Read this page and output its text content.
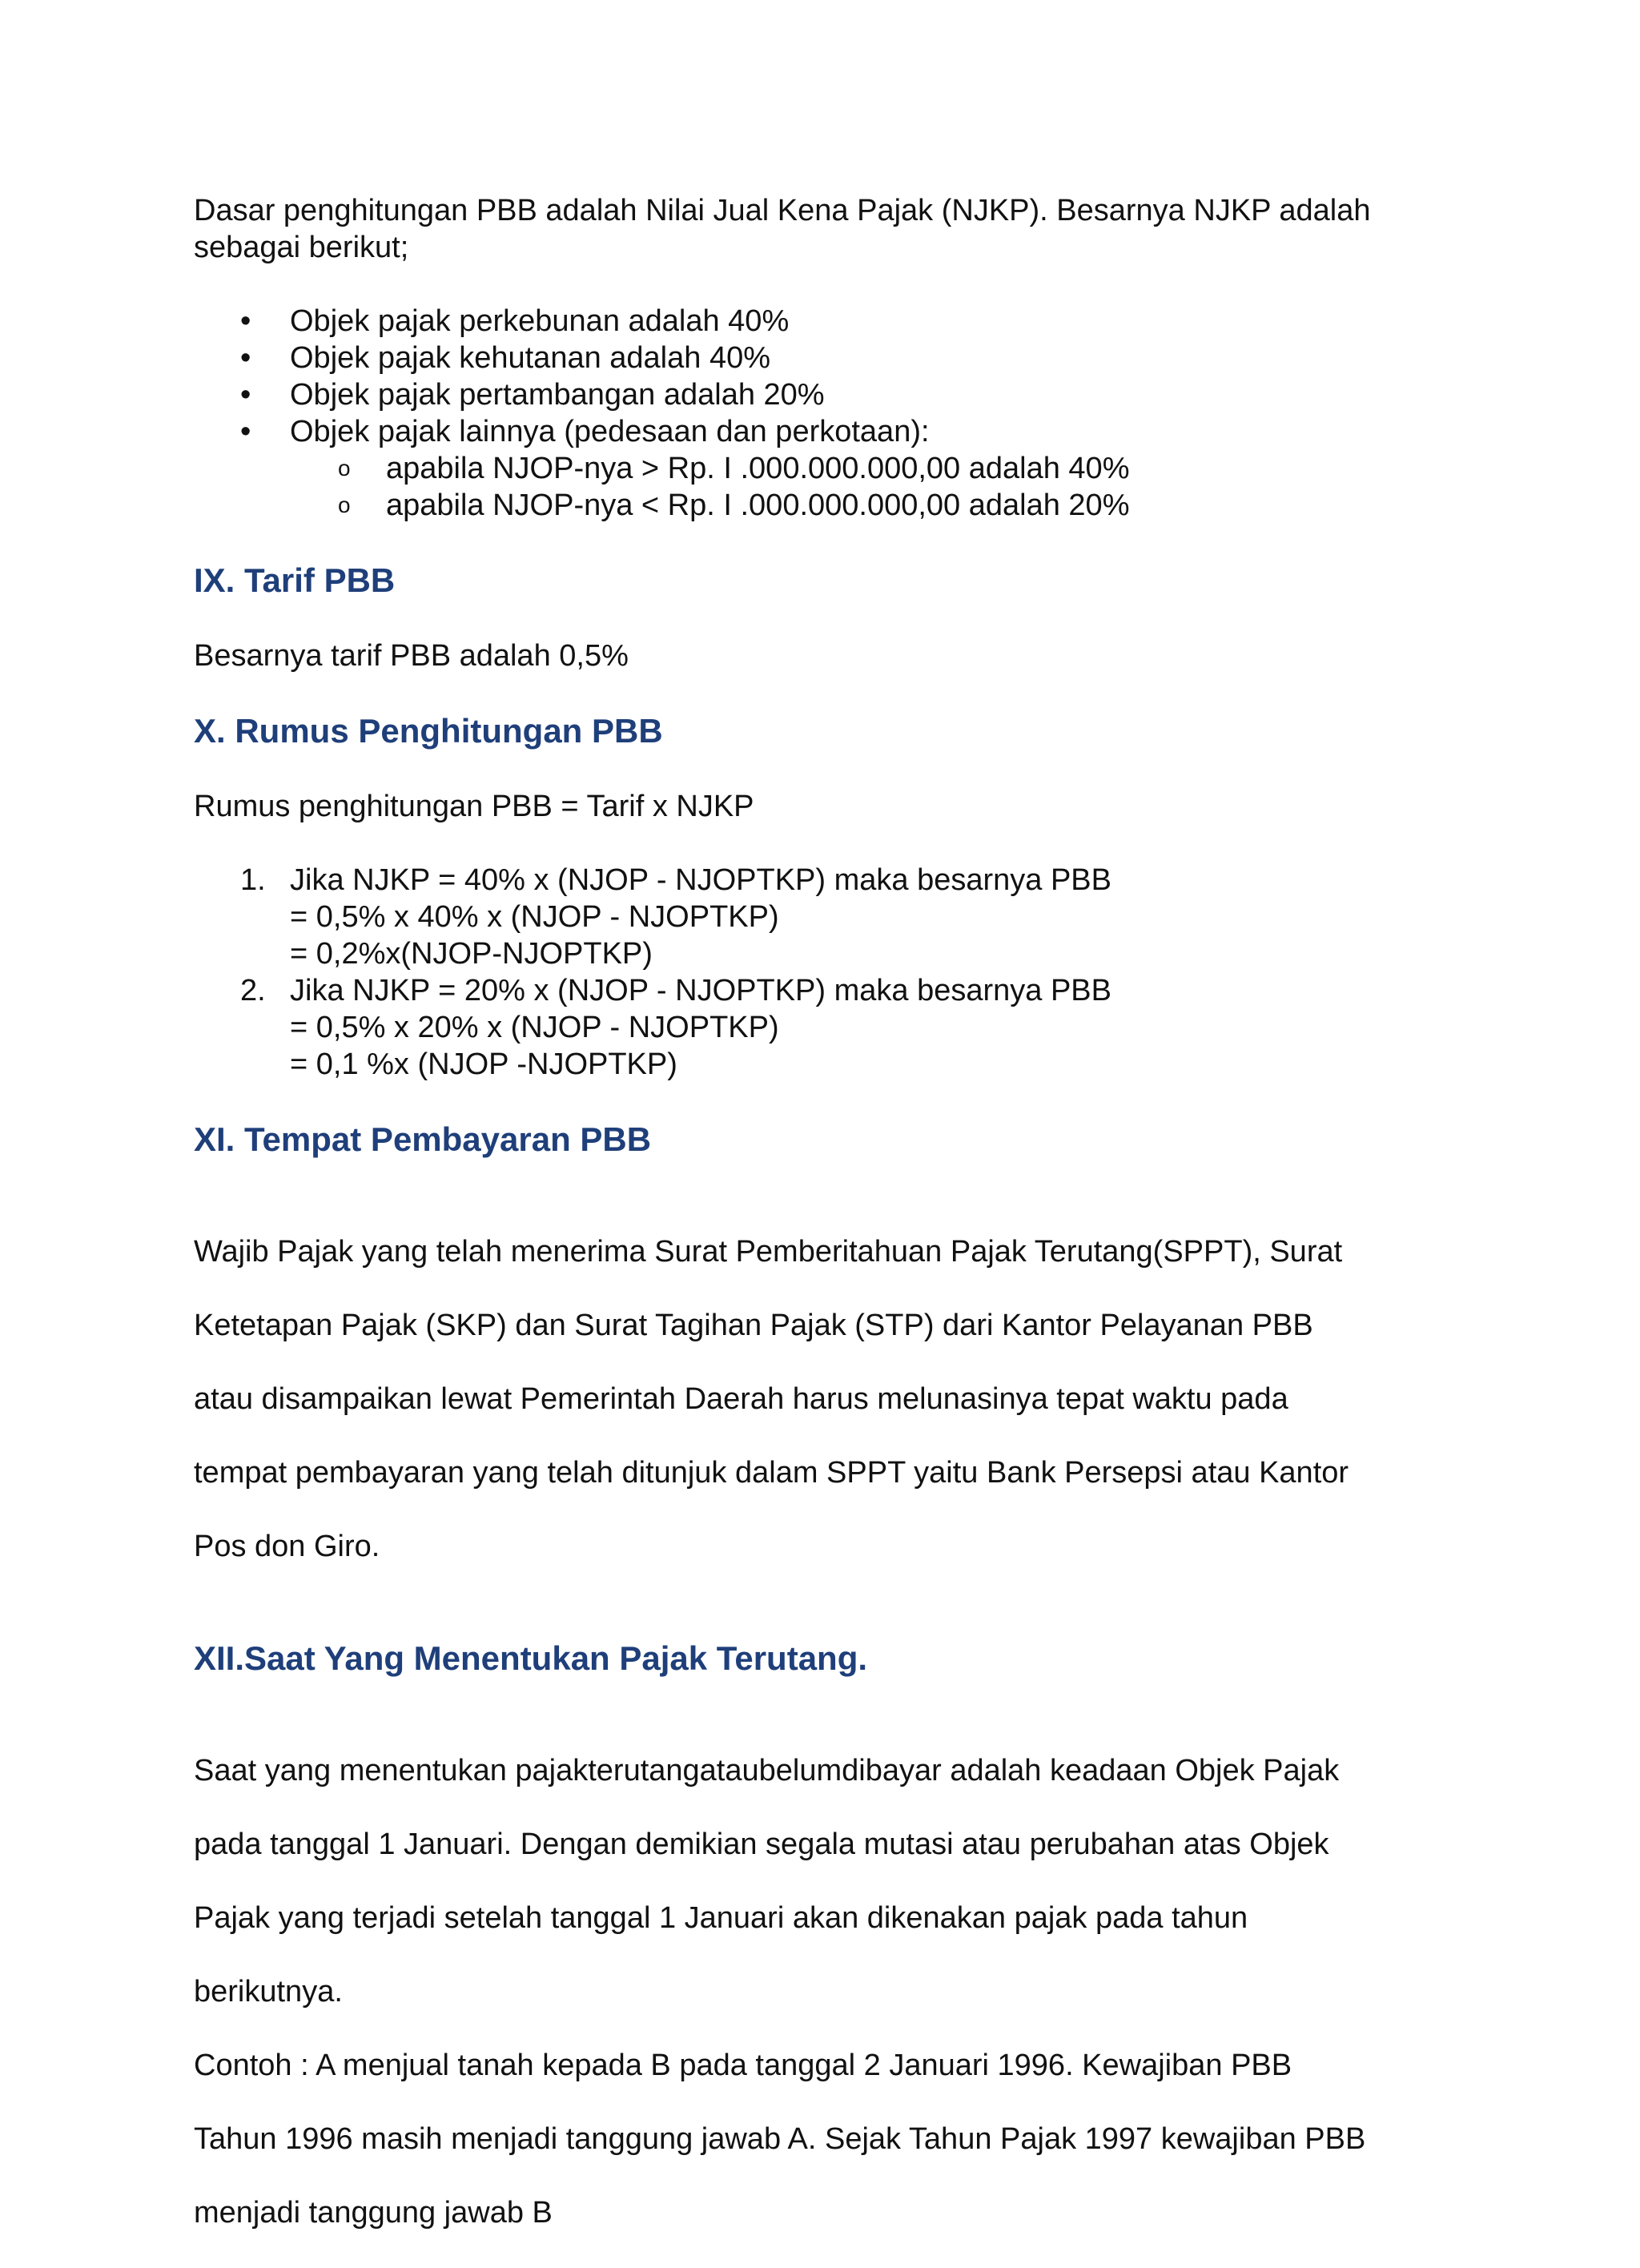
Dasar penghitungan PBB adalah Nilai Jual Kena Pajak (NJKP). Besarnya NJKP adalah
sebagai berikut;

•	Objek pajak perkebunan adalah 40%
•	Objek pajak kehutanan adalah 40%
•	Objek pajak pertambangan adalah 20%
•	Objek pajak lainnya (pedesaan dan perkotaan):
o	apabila NJOP-nya > Rp. I .000.000.000,00 adalah 40%
o	apabila NJOP-nya < Rp. I .000.000.000,00 adalah 20%
IX. Tarif PBB

Besarnya tarif PBB adalah 0,5%

X. Rumus Penghitungan PBB

Rumus penghitungan PBB = Tarif x NJKP

1. Jika NJKP = 40% x (NJOP - NJOPTKP) maka besarnya PBB
= 0,5% x 40% x (NJOP - NJOPTKP)
= 0,2%x(NJOP-NJOPTKP)
2. Jika NJKP = 20% x (NJOP - NJOPTKP) maka besarnya PBB
= 0,5% x 20% x (NJOP - NJOPTKP)
= 0,1 %x (NJOP -NJOPTKP)
XI. Tempat Pembayaran PBB

Wajib Pajak yang telah menerima Surat Pemberitahuan Pajak Terutang(SPPT), Surat

Ketetapan Pajak (SKP) dan Surat Tagihan Pajak (STP) dari Kantor Pelayanan PBB

atau disampaikan lewat Pemerintah Daerah harus melunasinya tepat waktu pada

tempat pembayaran yang telah ditunjuk dalam SPPT yaitu Bank Persepsi atau Kantor

Pos don Giro.

XII.Saat Yang Menentukan Pajak Terutang.

Saat yang menentukan pajakterutangataubelumdibayar adalah keadaan Objek Pajak

pada tanggal 1 Januari. Dengan demikian segala mutasi atau perubahan atas Objek

Pajak yang terjadi setelah tanggal 1 Januari akan dikenakan pajak pada tahun

berikutnya.

Contoh : A menjual tanah kepada B pada tanggal 2 Januari 1996. Kewajiban PBB

Tahun 1996 masih menjadi tanggung jawab A. Sejak Tahun Pajak 1997 kewajiban PBB

menjadi tanggung jawab B
